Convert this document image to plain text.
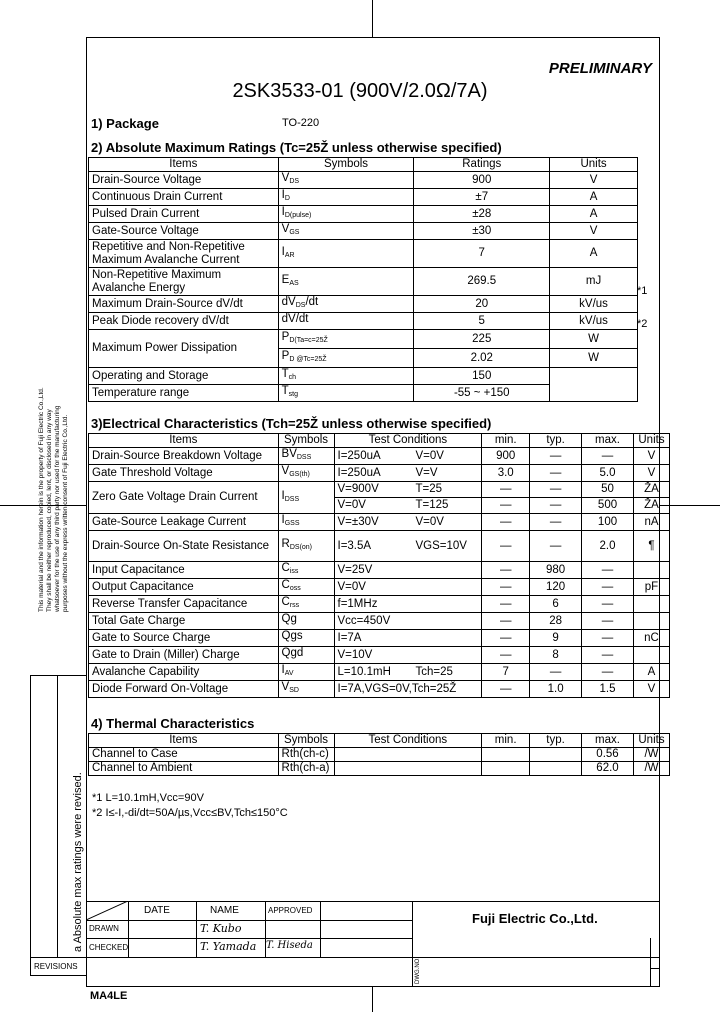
PRELIMINARY
2SK3533-01 (900V/2.0Ω/7A)
1) Package	TO-220
2) Absolute Maximum Ratings (Tc=25Ž unless otherwise specified)
Items	Symbols	Ratings	Units
Drain-Source Voltage	$V_{DS}$	900	V
Continuous Drain Current	$I_D$	±7	A
Pulsed Drain Current	$I_{D(pulse)}$	±28	A
Gate-Source Voltage	$V_{GS}$	±30	V
Repetitive and Non-Repetitive Maximum Avalanche Current	$I_{AR}$	7	A
Non-Repetitive Maximum Avalanche Energy	$E_{AS}$	269.5	mJ
Maximum Drain-Source dV/dt	$dV_{DS}/dt$	20	kV/us
Peak Diode recovery dV/dt	dV/dt	5	kV/us
Maximum Power Dissipation	$P_{D(Ta=c=25Ž}$	225	W
	$P_{D @Tc=25Ž}$	2.02	W
Operating and Storage	$T_{ch}$	150	
Temperature range	$T_{stg}$	-55 ~ +150	
*1
*2
3)Electrical Characteristics (Tch=25Ž unless otherwise specified)
Items	Symbols	Test Conditions	min.	typ.	max.	Units
Drain-Source Breakdown Voltage	$BV_{DSS}$	I=250uA V=0V	900	—	—	V
Gate Threshold Voltage	$V_{GS(th)}$	I=250uA V=V	3.0	—	5.0	V
Zero Gate Voltage Drain Current	$I_{DSS}$	V=900V T=25	—	—	50	ŽA
		V=0V T=125	—	—	500	ŽA
Gate-Source Leakage Current	$I_{GSS}$	V=±30V V=0V	—	—	100	nA
Drain-Source On-State Resistance	$R_{DS(on)}$	I=3.5A VGS=10V	—	—	2.0	¶
Input Capacitance	$C_{iss}$	V=25V	—	980	—	
Output Capacitance	$C_{oss}$	V=0V	—	120	—	pF
Reverse Transfer Capacitance	$C_{rss}$	f=1MHz	—	6	—	
Total Gate Charge	Qg	Vcc=450V	—	28	—	
Gate to Source Charge	Qgs	I=7A	—	9	—	nC
Gate to Drain (Miller) Charge	Qgd	V=10V	—	8	—	
Avalanche Capability	$I_{AV}$	L=10.1mH Tch=25	7	—	—	A
Diode Forward On-Voltage	$V_{SD}$	I=7A,VGS=0V,Tch=25Ž	—	1.0	1.5	V
4) Thermal Characteristics
Items	Symbols	Test Conditions	min.	typ.	max.	Units
Channel to Case	Rth(ch-c)				0.56	/W
Channel to Ambient	Rth(ch-a)				62.0	/W
*1 L=10.1mH,Vcc=90V
*2 I≤-I,-di/dt=50A/µs,Vcc≤BV,Tch≤150°C
This material and the information herein is the property of Fuji Electric Co.,Ltd. They shall be neither reproduced, copied, lent, or disclosed in any way whatsoever for the use of any third party nor used for the manufacturing purposes without the express written consent of Fuji Electric Co.,Ltd.
a Absolute max ratings were revised.
REVISIONS
DATE	NAME	APPROVED
DRAWN
CHECKED
T. Kubo
T. Yamada T. Hiseda
Fuji Electric Co.,Ltd.
DWG.NO.
MA4LE
